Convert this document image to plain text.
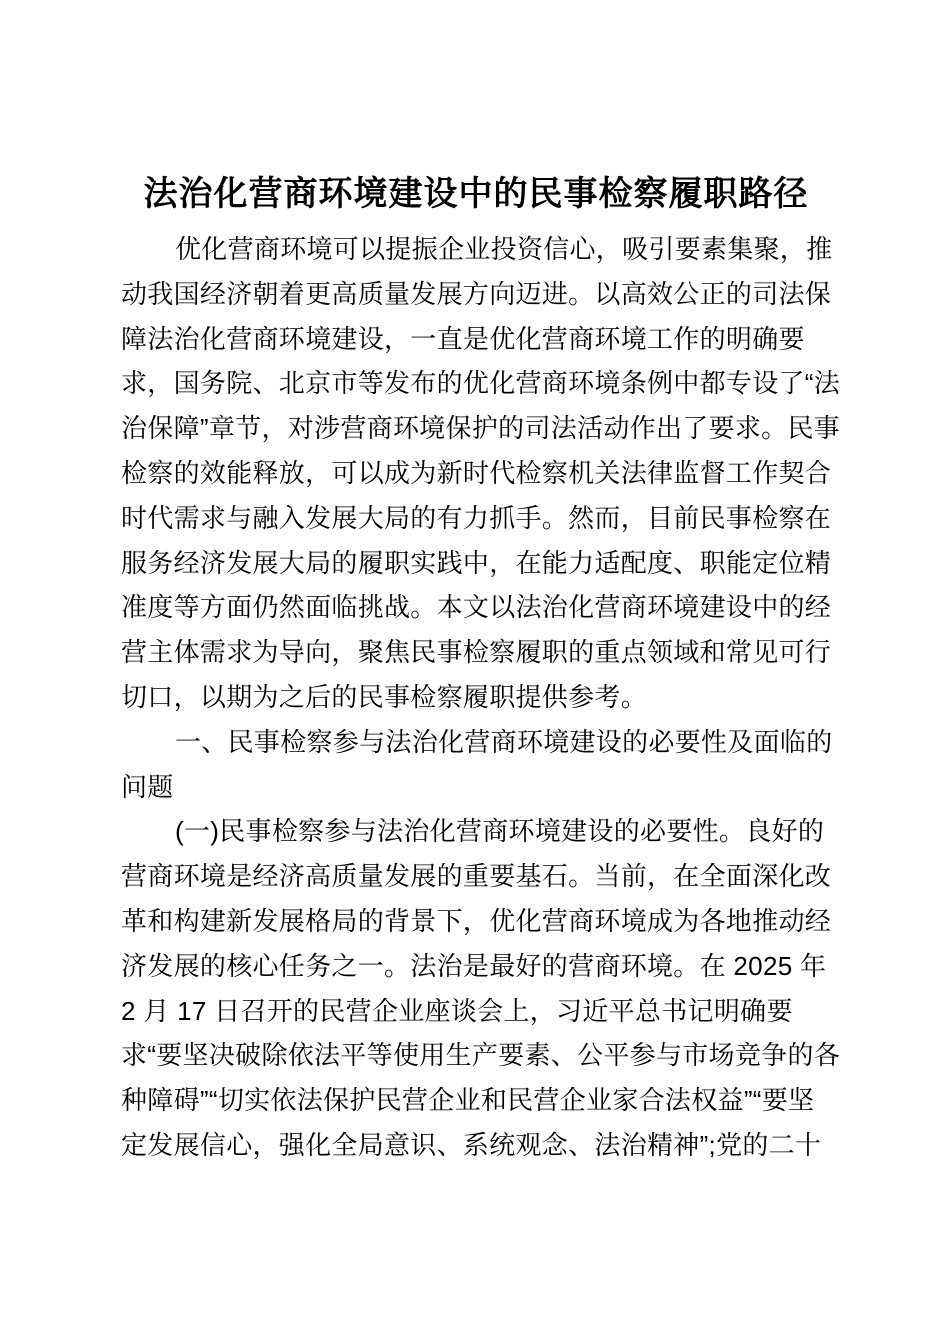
法治化营商环境建设中的民事检察履职路径
优化营商环境可以提振企业投资信心，吸引要素集聚，推
动我国经济朝着更高质量发展方向迈进。以高效公正的司法保
障法治化营商环境建设，一直是优化营商环境工作的明确要
求，国务院、北京市等发布的优化营商环境条例中都专设了“法
治保障”章节，对涉营商环境保护的司法活动作出了要求。民事
检察的效能释放，可以成为新时代检察机关法律监督工作契合
时代需求与融入发展大局的有力抓手。然而，目前民事检察在
服务经济发展大局的履职实践中，在能力适配度、职能定位精
准度等方面仍然面临挑战。本文以法治化营商环境建设中的经
营主体需求为导向，聚焦民事检察履职的重点领域和常见可行
切口，以期为之后的民事检察履职提供参考。
一、民事检察参与法治化营商环境建设的必要性及面临的
问题
(一)民事检察参与法治化营商环境建设的必要性。良好的
营商环境是经济高质量发展的重要基石。当前，在全面深化改
革和构建新发展格局的背景下，优化营商环境成为各地推动经
济发展的核心任务之一。法治是最好的营商环境。在 2025 年
2 月 17 日召开的民营企业座谈会上，习近平总书记明确要
求“要坚决破除依法平等使用生产要素、公平参与市场竞争的各
种障碍”“切实依法保护民营企业和民营企业家合法权益”“要坚
定发展信心，强化全局意识、系统观念、法治精神”;党的二十
